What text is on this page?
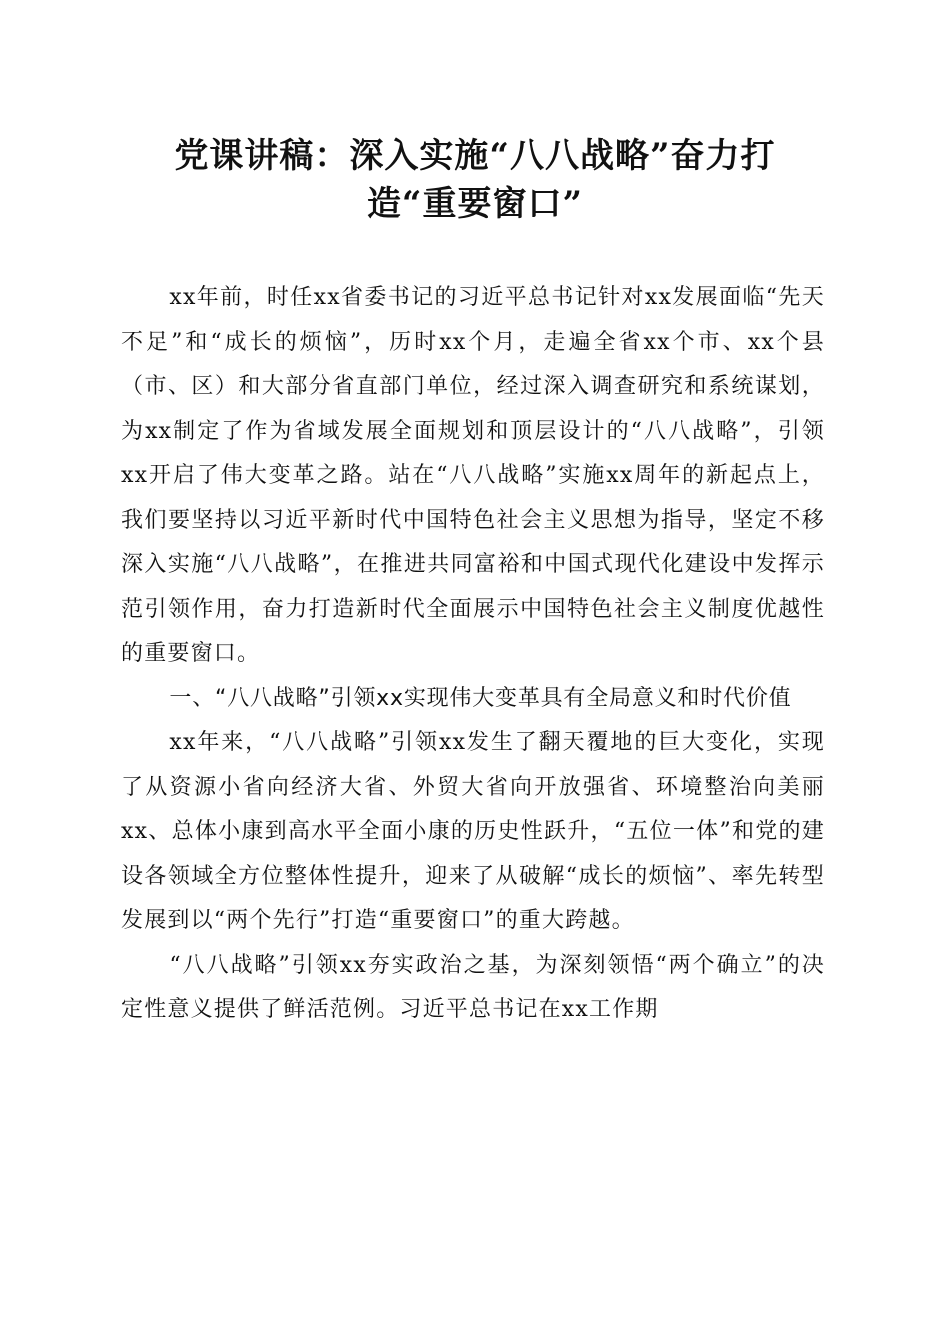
党课讲稿：深入实施“八八战略”奋力打
造“重要窗口”

xx年前，时任xx省委书记的习近平总书记针对xx发展面临“先天不足”和“成长的烦恼”，历时xx个月，走遍全省xx个市、xx个县（市、区）和大部分省直部门单位，经过深入调查研究和系统谋划，为xx制定了作为省域发展全面规划和顶层设计的“八八战略”，引领xx开启了伟大变革之路。站在“八八战略”实施xx周年的新起点上，我们要坚持以习近平新时代中国特色社会主义思想为指导，坚定不移深入实施“八八战略”，在推进共同富裕和中国式现代化建设中发挥示范引领作用，奋力打造新时代全面展示中国特色社会主义制度优越性的重要窗口。

一、“八八战略”引领xx实现伟大变革具有全局意义和时代价值

xx年来，“八八战略”引领xx发生了翻天覆地的巨大变化，实现了从资源小省向经济大省、外贸大省向开放强省、环境整治向美丽xx、总体小康到高水平全面小康的历史性跃升，“五位一体”和党的建设各领域全方位整体性提升，迎来了从破解“成长的烦恼”、率先转型发展到以“两个先行”打造“重要窗口”的重大跨越。

“八八战略”引领xx夯实政治之基，为深刻领悟“两个确立”的决定性意义提供了鲜活范例。习近平总书记在xx工作期
